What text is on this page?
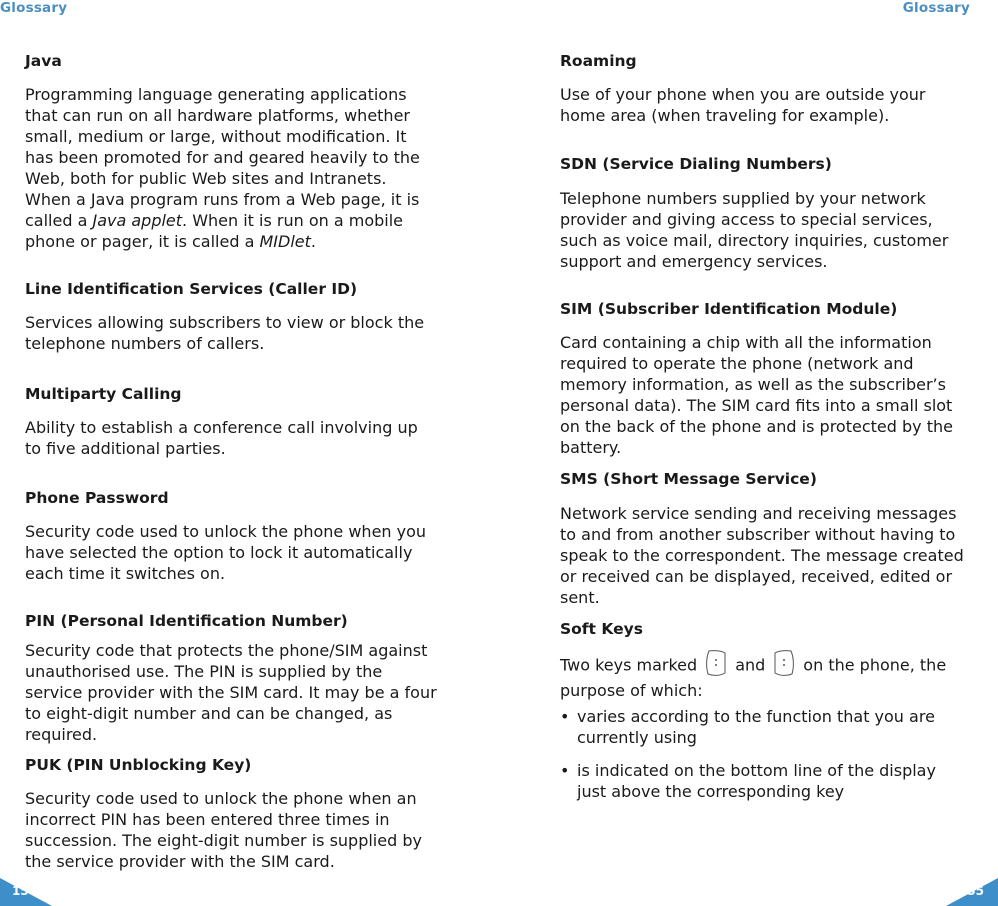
Glossary	Glossary

Java

Programming language generating applications that can run on all hardware platforms, whether small, medium or large, without modification. It has been promoted for and geared heavily to the Web, both for public Web sites and Intranets. When a Java program runs from a Web page, it is called a Java applet. When it is run on a mobile phone or pager, it is called a MIDlet.

Line Identification Services (Caller ID)

Services allowing subscribers to view or block the telephone numbers of callers.

Multiparty Calling

Ability to establish a conference call involving up to five additional parties.

Phone Password

Security code used to unlock the phone when you have selected the option to lock it automatically each time it switches on.

PIN (Personal Identification Number)

Security code that protects the phone/SIM against unauthorised use. The PIN is supplied by the service provider with the SIM card. It may be a four to eight-digit number and can be changed, as required.

PUK (PIN Unblocking Key)

Security code used to unlock the phone when an incorrect PIN has been entered three times in succession. The eight-digit number is supplied by the service provider with the SIM card.

Roaming

Use of your phone when you are outside your home area (when traveling for example).

SDN (Service Dialing Numbers)

Telephone numbers supplied by your network provider and giving access to special services, such as voice mail, directory inquiries, customer support and emergency services.

SIM (Subscriber Identification Module)

Card containing a chip with all the information required to operate the phone (network and memory information, as well as the subscriber’s personal data). The SIM card fits into a small slot on the back of the phone and is protected by the battery.

SMS (Short Message Service)

Network service sending and receiving messages to and from another subscriber without having to speak to the correspondent. The message created or received can be displayed, received, edited or sent.

Soft Keys

Two keys marked and on the phone, the purpose of which:

• varies according to the function that you are currently using
• is indicated on the bottom line of the display just above the corresponding key
154	155
